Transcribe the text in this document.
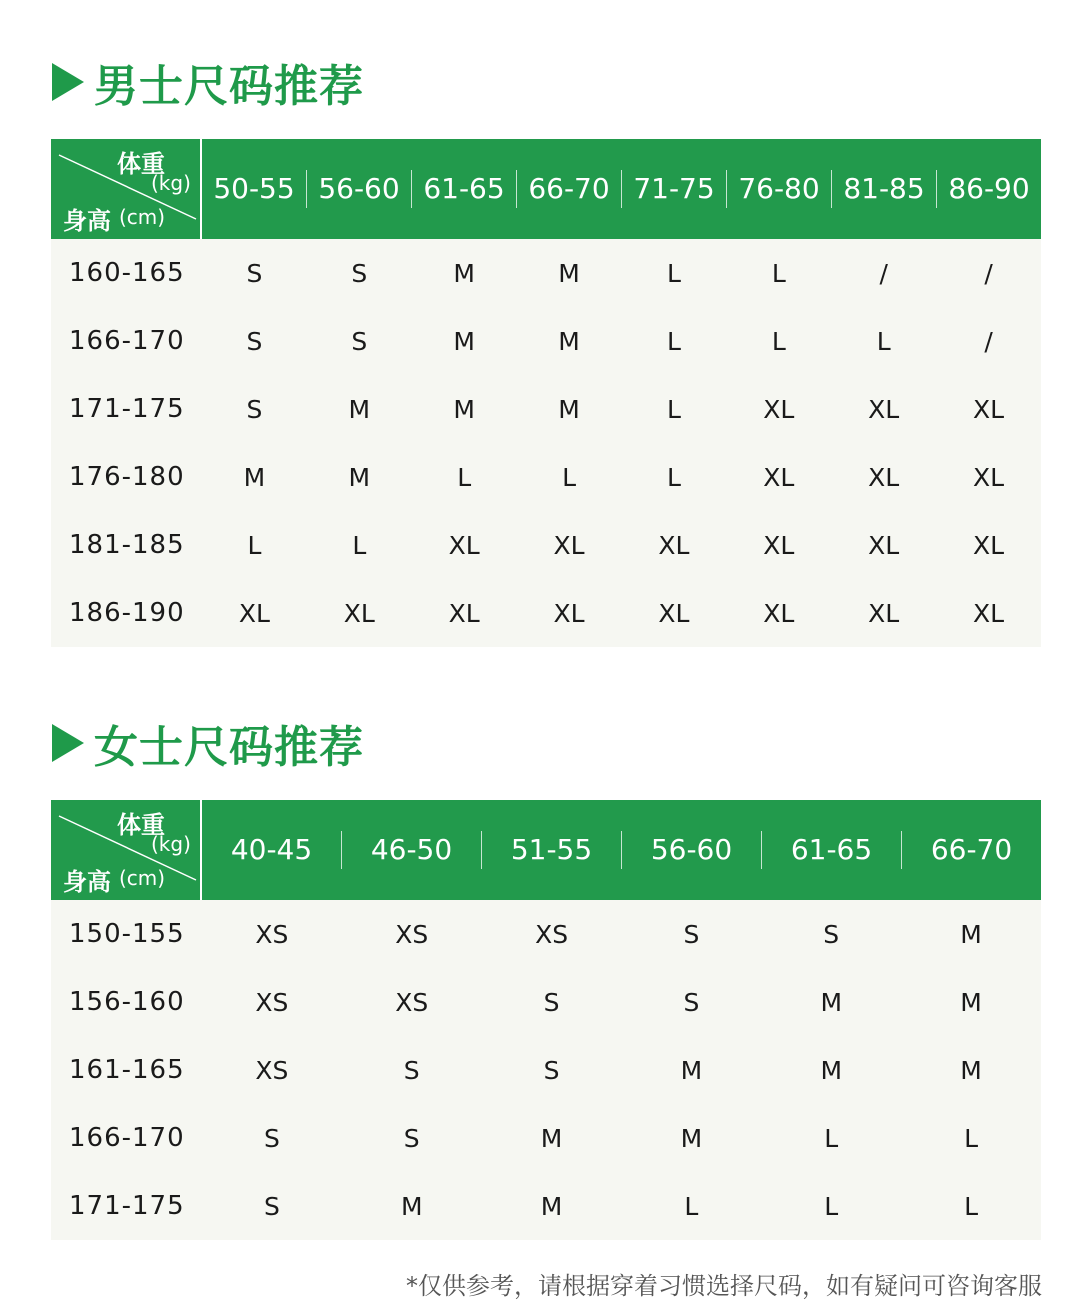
男士尺码推荐
体重
(kg)
身高 (cm)
50-55 56-60 61-65 66-70 71-75 76-80 81-85 86-90
160-165	S	S	M	M	L	L	/	/
166-170	S	S	M	M	L	L	L	/
171-175	S	M	M	M	L	XL	XL	XL
176-180	M	M	L	L	L	XL	XL	XL
181-185	L	L	XL	XL	XL	XL	XL	XL
186-190	XL	XL	XL	XL	XL	XL	XL	XL
女士尺码推荐
体重
(kg)
身高 (cm)
40-45	46-50	51-55	56-60	61-65	66-70
150-155	XS	XS	XS	S	S	M
156-160	XS	XS	S	S	M	M
161-165	XS	S	S	M	M	M
166-170	S	S	M	M	L	L
171-175	S	M	M	L	L	L
*仅供参考，请根据穿着习惯选择尺码，如有疑问可咨询客服
